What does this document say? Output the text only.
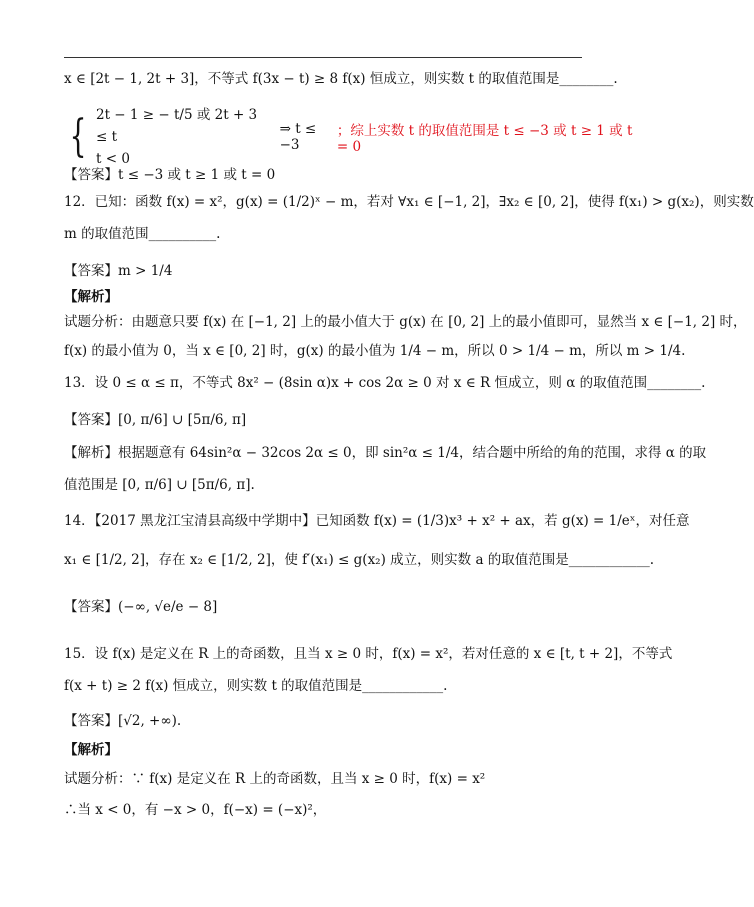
x ∈ [2t − 1, 2t + 3]，不等式 f(3x − t) ≥ 8 f(x) 恒成立，则实数 t 的取值范围是________.
{ 2t − 1 ≥ − t/5 或 2t + 3 ≤ t
t < 0
⇒ t ≤ −3
；综上实数 t 的取值范围是 t ≤ −3 或 t ≥ 1 或 t = 0
【答案】t ≤ −3 或 t ≥ 1 或 t = 0
12．已知：函数 f(x) = x²，g(x) = (1/2)ˣ − m，若对 ∀x₁ ∈ [−1, 2]，∃x₂ ∈ [0, 2]，使得 f(x₁) > g(x₂)，则实数
m 的取值范围__________.
【答案】m > 1/4
【解析】
试题分析：由题意只要 f(x) 在 [−1, 2] 上的最小值大于 g(x) 在 [0, 2] 上的最小值即可，显然当 x ∈ [−1, 2] 时，
f(x) 的最小值为 0，当 x ∈ [0, 2] 时，g(x) 的最小值为 1/4 − m，所以 0 > 1/4 − m，所以 m > 1/4.
13．设 0 ≤ α ≤ π，不等式 8x² − (8sin α)x + cos 2α ≥ 0 对 x ∈ R 恒成立，则 α 的取值范围________.
【答案】[0, π/6] ∪ [5π/6, π]
【解析】根据题意有 64sin²α − 32cos 2α ≤ 0，即 sin²α ≤ 1/4，结合题中所给的角的范围，求得 α 的取
值范围是 [0, π/6] ∪ [5π/6, π].
14．【2017 黑龙江宝清县高级中学期中】已知函数 f(x) = (1/3)x³ + x² + ax，若 g(x) = 1/eˣ，对任意
x₁ ∈ [1/2, 2]，存在 x₂ ∈ [1/2, 2]，使 f′(x₁) ≤ g(x₂) 成立，则实数 a 的取值范围是____________.
【答案】(−∞, √e/e − 8]
15．设 f(x) 是定义在 R 上的奇函数，且当 x ≥ 0 时，f(x) = x²，若对任意的 x ∈ [t, t + 2]，不等式
f(x + t) ≥ 2 f(x) 恒成立，则实数 t 的取值范围是____________.
【答案】[√2, +∞).
【解析】
试题分析：∵ f(x) 是定义在 R 上的奇函数，且当 x ≥ 0 时，f(x) = x²
∴当 x < 0，有 −x > 0，f(−x) = (−x)²，
